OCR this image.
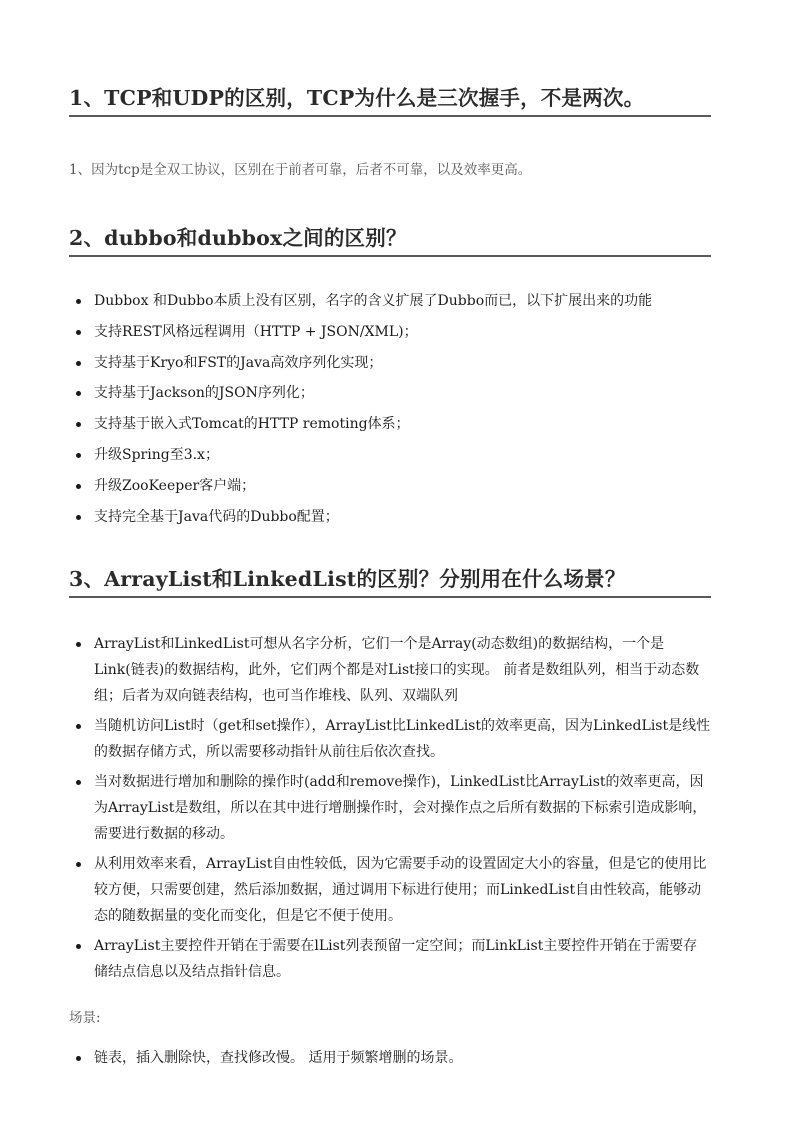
1、TCP和UDP的区别，TCP为什么是三次握手，不是两次。
1、因为tcp是全双工协议，区别在于前者可靠，后者不可靠，以及效率更高。
2、dubbo和dubbox之间的区别？
Dubbox 和Dubbo本质上没有区别，名字的含义扩展了Dubbo而已，以下扩展出来的功能
支持REST风格远程调用（HTTP + JSON/XML)；
支持基于Kryo和FST的Java高效序列化实现；
支持基于Jackson的JSON序列化；
支持基于嵌入式Tomcat的HTTP remoting体系；
升级Spring至3.x；
升级ZooKeeper客户端；
支持完全基于Java代码的Dubbo配置；
3、ArrayList和LinkedList的区别？分别用在什么场景？
ArrayList和LinkedList可想从名字分析，它们一个是Array(动态数组)的数据结构，一个是Link(链表)的数据结构，此外，它们两个都是对List接口的实现。 前者是数组队列，相当于动态数组；后者为双向链表结构，也可当作堆栈、队列、双端队列
当随机访问List时（get和set操作），ArrayList比LinkedList的效率更高，因为LinkedList是线性的数据存储方式，所以需要移动指针从前往后依次查找。
当对数据进行增加和删除的操作时(add和remove操作)，LinkedList比ArrayList的效率更高，因为ArrayList是数组，所以在其中进行增删操作时，会对操作点之后所有数据的下标索引造成影响，需要进行数据的移动。
从利用效率来看，ArrayList自由性较低，因为它需要手动的设置固定大小的容量，但是它的使用比较方便，只需要创建，然后添加数据，通过调用下标进行使用；而LinkedList自由性较高，能够动态的随数据量的变化而变化，但是它不便于使用。
ArrayList主要控件开销在于需要在lList列表预留一定空间；而LinkList主要控件开销在于需要存储结点信息以及结点指针信息。
场景:
链表，插入删除快，查找修改慢。 适用于频繁增删的场景。
